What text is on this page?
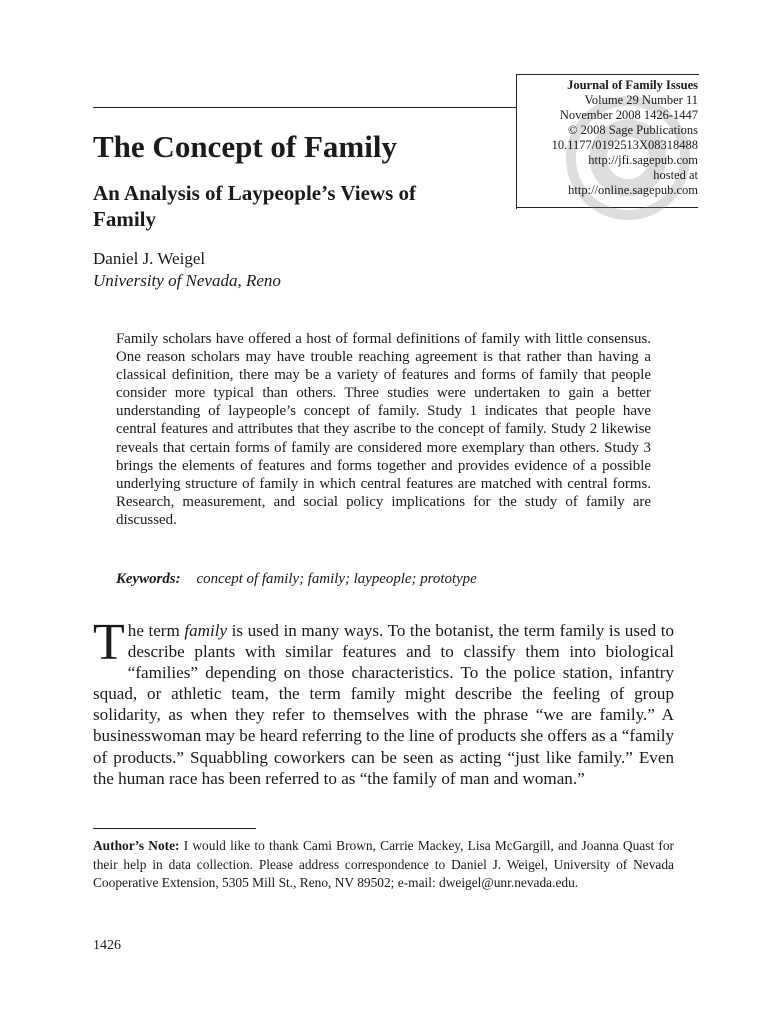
Journal of Family Issues
Volume 29 Number 11
November 2008 1426-1447
© 2008 Sage Publications
10.1177/0192513X08318488
http://jfi.sagepub.com
hosted at
http://online.sagepub.com
The Concept of Family
An Analysis of Laypeople’s Views of Family
Daniel J. Weigel
University of Nevada, Reno

Family scholars have offered a host of formal definitions of family with little consensus. One reason scholars may have trouble reaching agreement is that rather than having a classical definition, there may be a variety of features and forms of family that people consider more typical than others. Three studies were undertaken to gain a better understanding of laypeople’s concept of family. Study 1 indicates that people have central features and attributes that they ascribe to the concept of family. Study 2 likewise reveals that certain forms of family are considered more exemplary than others. Study 3 brings the elements of features and forms together and provides evidence of a possible underlying structure of family in which central features are matched with central forms. Research, measurement, and social policy implications for the study of family are discussed.

Keywords: concept of family; family; laypeople; prototype

The term family is used in many ways. To the botanist, the term family is used to describe plants with similar features and to classify them into biological “families” depending on those characteristics. To the police station, infantry squad, or athletic team, the term family might describe the feeling of group solidarity, as when they refer to themselves with the phrase “we are family.” A businesswoman may be heard referring to the line of products she offers as a “family of products.” Squabbling coworkers can be seen as acting “just like family.” Even the human race has been referred to as “the family of man and woman.”

Author’s Note: I would like to thank Cami Brown, Carrie Mackey, Lisa McGargill, and Joanna Quast for their help in data collection. Please address correspondence to Daniel J. Weigel, University of Nevada Cooperative Extension, 5305 Mill St., Reno, NV 89502; e-mail: dweigel@unr.nevada.edu.

1426
